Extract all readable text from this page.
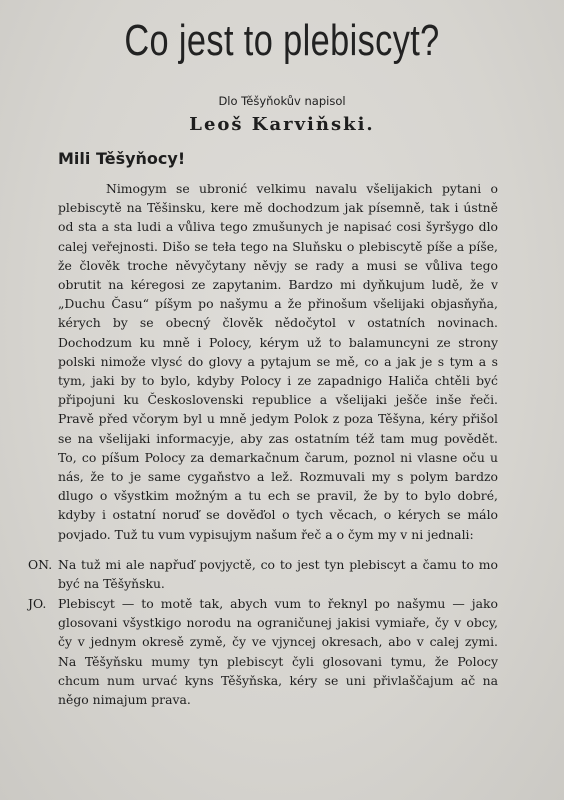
Co jest to plebiscyt?
Dlo Těšyňokův napisol
Leoš Karviňski.
Mili Těšyňocy!

Nimogym se ubronić velkimu navalu všelijakich pytani o plebiscytě na Těšinsku, kere mě dochodzum jak písemně, tak i ústně od sta a sta ludi a vůliva tego zmušunych je napisać cosi šyršygo dlo calej veřejnosti. Dišo se teła tego na Sluňsku o plebiscytě píše a píše, že člověk troche něvyčytany něvjy se rady a musi se vůliva tego obrutit na kéregosi ze zapytanim. Bardzo mi dyňkujum ludě, že v „Duchu Času“ píšym po našymu a že přinošum všelijaki objasňyňa, kérych by se obecný člověk nědočytol v ostatních novinach. Dochodzum ku mně i Polocy, kérym už to balamuncyni ze strony polski nimože vlysć do glovy a pytajum se mě, co a jak je s tym a s tym, jaki by to bylo, kdyby Polocy i ze zapadnigo Haliča chtěli być připojuni ku Československi republice a všelijaki ješče inše řeči. Pravě před včorym byl u mně jedym Polok z poza Těšyna, kéry přišol se na všelijaki informacyje, aby zas ostatním též tam mug povědět. To, co píšum Polocy za demarkačnum čarum, poznol ni vlasne oču u nás, že to je same cygaňstvo a lež. Rozmuvali my s polym bardzo dlugo o všystkim možným a tu ech se pravil, že by to bylo dobré, kdyby i ostatní noruď se dověďol o tych věcach, o kérych se málo povjado. Tuž tu vum vypisujym našum řeč a o čym my v ni jednali:

ON. Na tuž mi ale napřuď povjyctě, co to jest tyn plebiscyt a čamu to mo być na Těšyňsku.
JO. Plebiscyt — to motě tak, abych vum to řeknyl po našymu — jako glosovani všystkigo norodu na ograničunej jakisi vymiaře, čy v obcy, čy v jednym okresě zymě, čy ve vjyncej okresach, abo v calej zymi. Na Těšyňsku mumy tyn plebiscyt čyli glosovani tymu, že Polocy chcum num urvać kyns Těšyňska, kéry se uni přivlaščajum ač na něgo nimajum prava.
